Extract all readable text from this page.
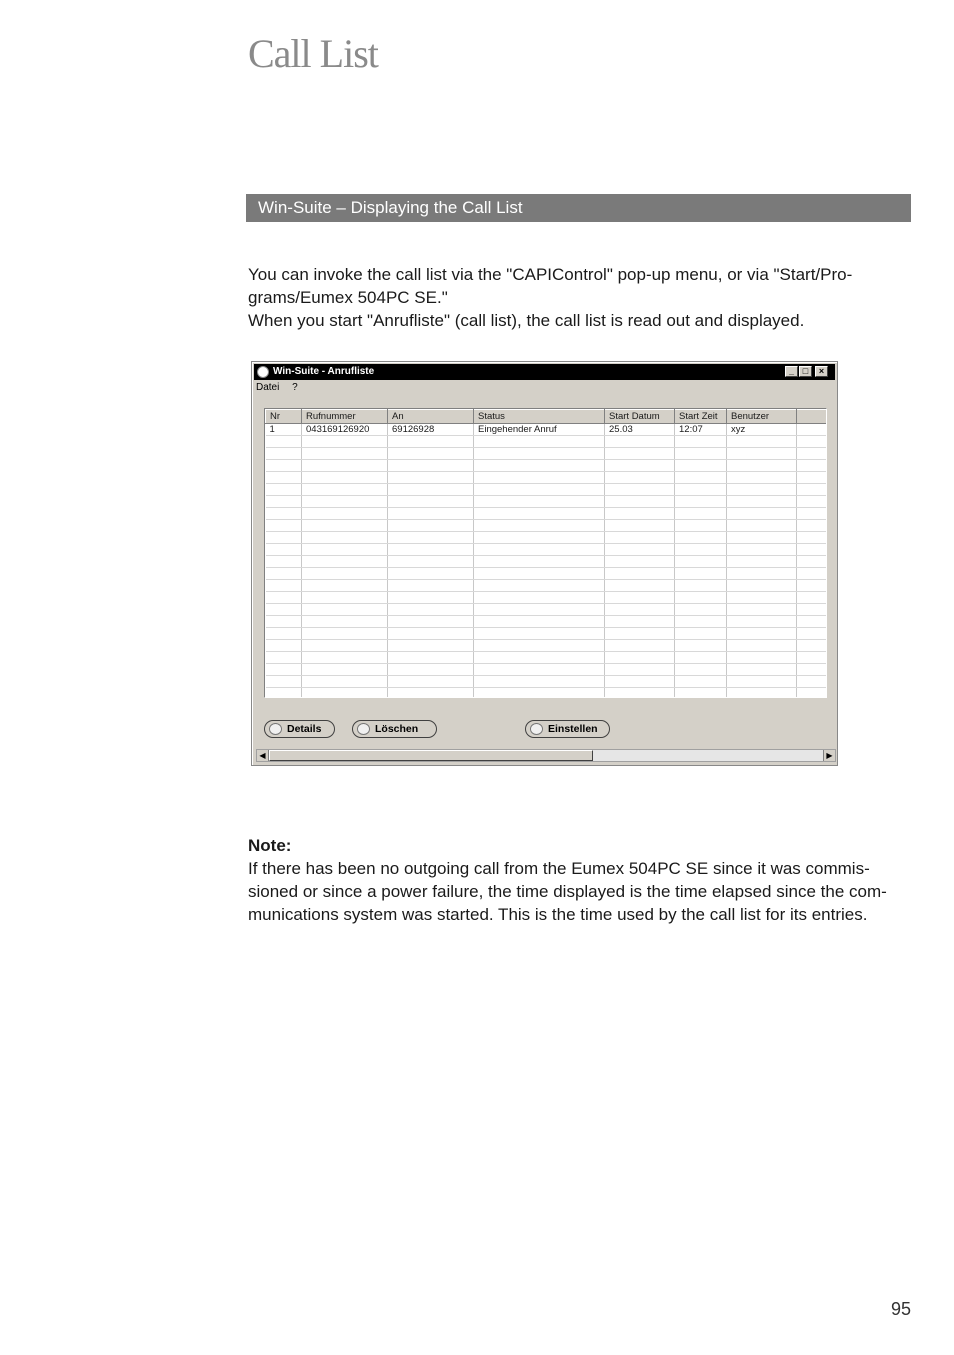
Call List
Win-Suite – Displaying the Call List

You can invoke the call list via the "CAPIControl" pop-up menu, or via "Start/Pro-

grams/Eumex 504PC SE."

When you start "Anrufliste" (call list), the call list is read out and displayed.

Win-Suite - Anrufliste	_ □	×
Datei ?
Nr	Rufnummer	An	Status	Start Datum	Start Zeit	Benutzer	
1	043169126920	69126928	Eingehender Anruf	25.03	12:07	xyz	

Details	Löschen	Einstellen
◀	▶
Note:
If there has been no outgoing call from the Eumex 504PC SE since it was commis-
sioned or since a power failure, the time displayed is the time elapsed since the com-
munications system was started. This is the time used by the call list for its entries.
95
